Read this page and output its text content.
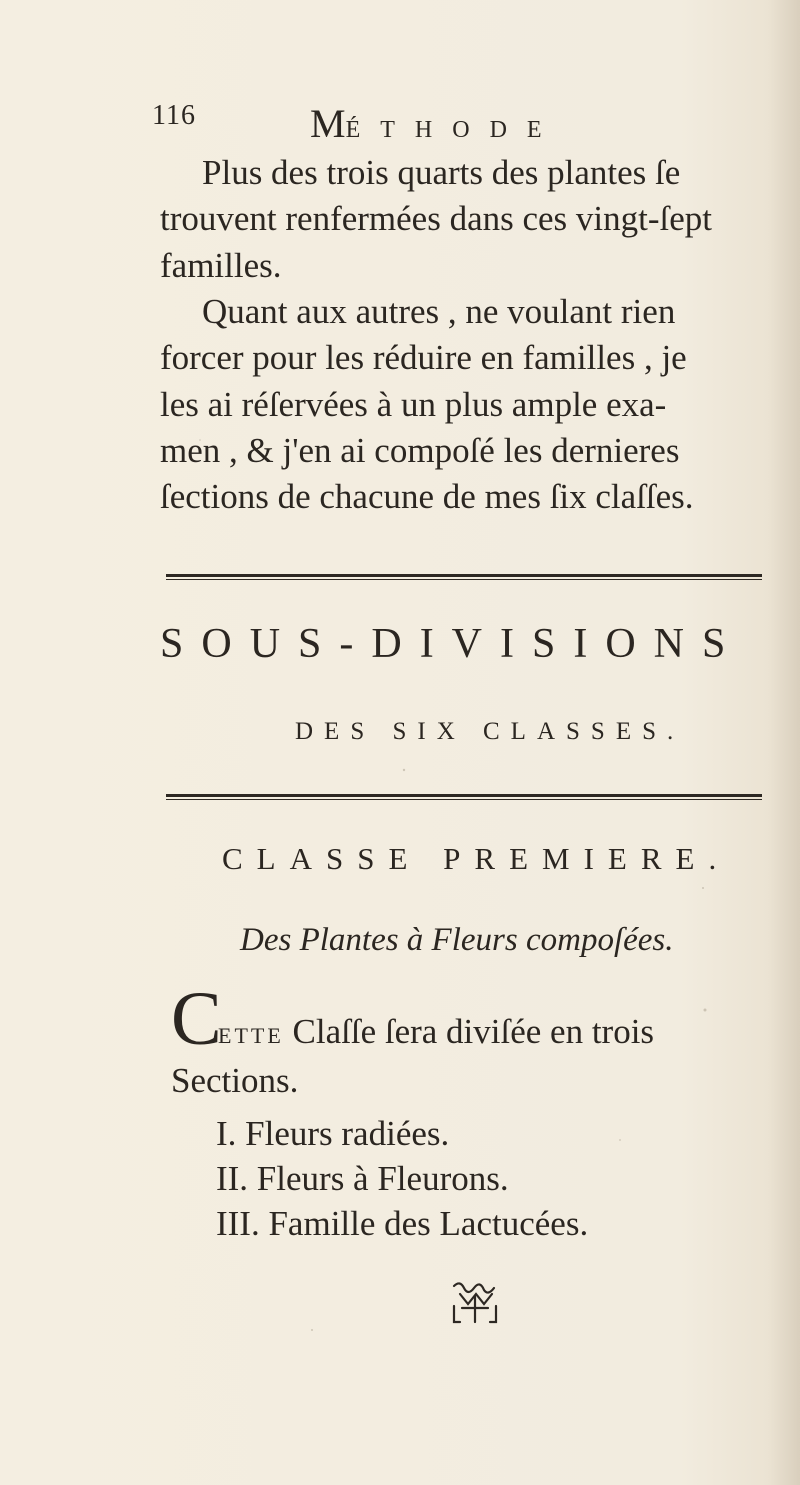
116	MÉTHODE

Plus des trois quarts des plantes ſe

trouvent renfermées dans ces vingt-ſept

familles.

Quant aux autres , ne voulant rien

forcer pour les réduire en familles , je

les ai réſervées à un plus ample exa-

men , & j'en ai compoſé les dernieres

ſections de chacune de mes ſix claſſes.

SOUS-DIVISIONS
DES SIX CLASSES.
CLASSE PREMIERE.
Des Plantes à Fleurs compoſées.
C
ETTE Claſſe ſera diviſée en trois
Sections.

I. Fleurs radiées.

II. Fleurs à Fleurons.

III. Famille des Lactucées.
